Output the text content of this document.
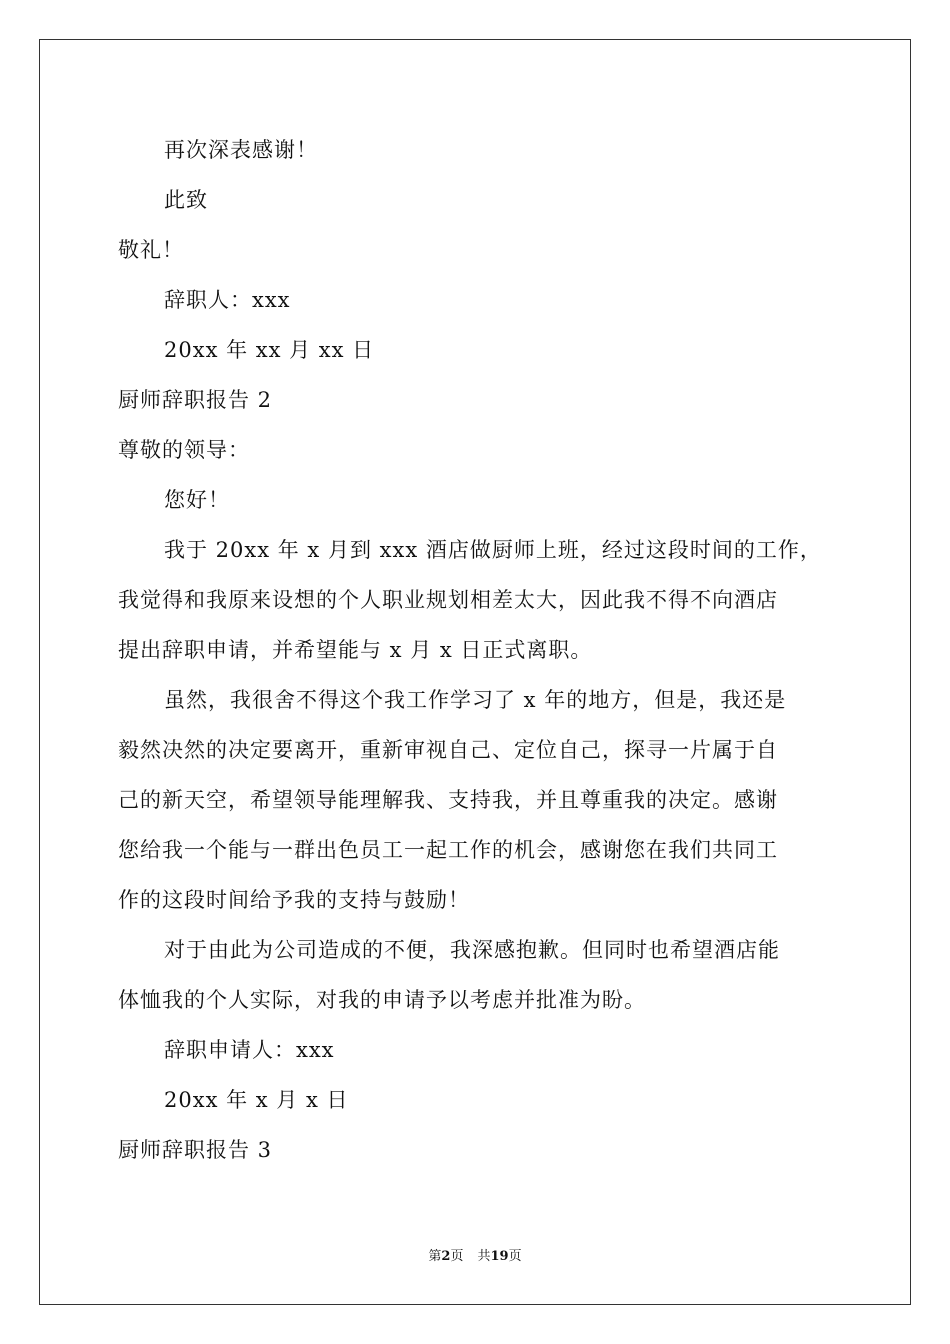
再次深表感谢！
此致
敬礼！
辞职人：xxx
20xx 年 xx 月 xx 日
厨师辞职报告 2
尊敬的领导：
您好！
我于 20xx 年 x 月到 xxx 酒店做厨师上班，经过这段时间的工作，
我觉得和我原来设想的个人职业规划相差太大，因此我不得不向酒店
提出辞职申请，并希望能与 x 月 x 日正式离职。
虽然，我很舍不得这个我工作学习了 x 年的地方，但是，我还是
毅然决然的决定要离开，重新审视自己、定位自己，探寻一片属于自
己的新天空，希望领导能理解我、支持我，并且尊重我的决定。感谢
您给我一个能与一群出色员工一起工作的机会，感谢您在我们共同工
作的这段时间给予我的支持与鼓励！
对于由此为公司造成的不便，我深感抱歉。但同时也希望酒店能
体恤我的个人实际，对我的申请予以考虑并批准为盼。
辞职申请人：xxx
20xx 年 x 月 x 日
厨师辞职报告 3
第2页 共19页
